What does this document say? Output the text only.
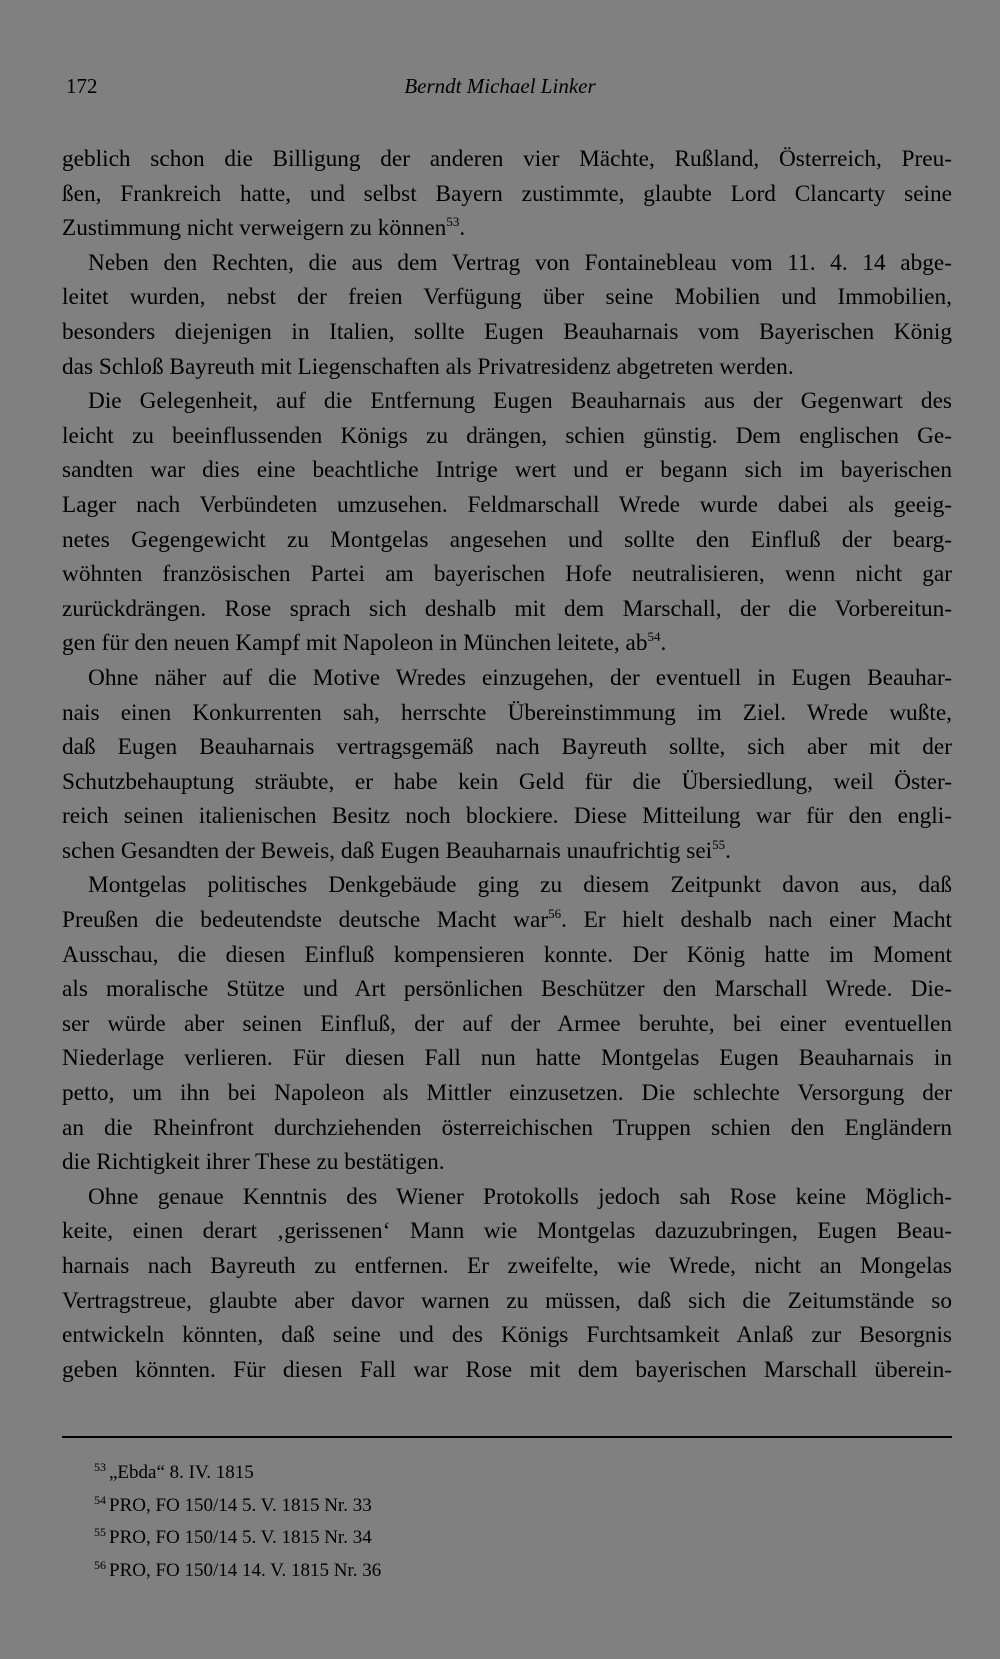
172	Berndt Michael Linker
geblich schon die Billigung der anderen vier Mächte, Rußland, Österreich, Preu-
ßen, Frankreich hatte, und selbst Bayern zustimmte, glaubte Lord Clancarty seine
Zustimmung nicht verweigern zu können$^{53}$.
Neben den Rechten, die aus dem Vertrag von Fontainebleau vom 11. 4. 14 abge-
leitet wurden, nebst der freien Verfügung über seine Mobilien und Immobilien,
besonders diejenigen in Italien, sollte Eugen Beauharnais vom Bayerischen König
das Schloß Bayreuth mit Liegenschaften als Privatresidenz abgetreten werden.
Die Gelegenheit, auf die Entfernung Eugen Beauharnais aus der Gegenwart des
leicht zu beeinflussenden Königs zu drängen, schien günstig. Dem englischen Ge-
sandten war dies eine beachtliche Intrige wert und er begann sich im bayerischen
Lager nach Verbündeten umzusehen. Feldmarschall Wrede wurde dabei als geeig-
netes Gegengewicht zu Montgelas angesehen und sollte den Einfluß der bearg-
wöhnten französischen Partei am bayerischen Hofe neutralisieren, wenn nicht gar
zurückdrängen. Rose sprach sich deshalb mit dem Marschall, der die Vorbereitun-
gen für den neuen Kampf mit Napoleon in München leitete, $ab^{54}$.
Ohne näher auf die Motive Wredes einzugehen, der eventuell in Eugen Beauhar-
nais einen Konkurrenten sah, herrschte Übereinstimmung im Ziel. Wrede wußte,
daß Eugen Beauharnais vertragsgemäß nach Bayreuth sollte, sich aber mit der
Schutzbehauptung sträubte, er habe kein Geld für die Übersiedlung, weil Öster-
reich seinen italienischen Besitz noch blockiere. Diese Mitteilung war für den engli-
schen Gesandten der Beweis, daß Eugen Beauharnais unaufrichtig sei$^{55}$.
Montgelas politisches Denkgebäude ging zu diesem Zeitpunkt davon aus, daß
Preußen die bedeutendste deutsche Macht war$^{56}$. Er hielt deshalb nach einer Macht
Ausschau, die diesen Einfluß kompensieren konnte. Der König hatte im Moment
als moralische Stütze und Art persönlichen Beschützer den Marschall Wrede. Die-
ser würde aber seinen Einfluß, der auf der Armee beruhte, bei einer eventuellen
Niederlage verlieren. Für diesen Fall nun hatte Montgelas Eugen Beauharnais in
petto, um ihn bei Napoleon als Mittler einzusetzen. Die schlechte Versorgung der
an die Rheinfront durchziehenden österreichischen Truppen schien den Engländern
die Richtigkeit ihrer These zu bestätigen.
Ohne genaue Kenntnis des Wiener Protokolls jedoch sah Rose keine Möglich-
keite, einen derart ‚gerissenen‘ Mann wie Montgelas dazuzubringen, Eugen Beau-
harnais nach Bayreuth zu entfernen. Er zweifelte, wie Wrede, nicht an Mongelas
Vertragstreue, glaubte aber davor warnen zu müssen, daß sich die Zeitumstände so
entwickeln könnten, daß seine und des Königs Furchtsamkeit Anlaß zur Besorgnis
geben könnten. Für diesen Fall war Rose mit dem bayerischen Marschall überein-
$^{53}$ „Ebda“ 8. IV. 1815
$^{54}$ PRO, FO 150/14 5. V. 1815 Nr. 33
$^{55}$ PRO, FO 150/14 5. V. 1815 Nr. 34
$^{56}$ PRO, FO 150/14 14. V. 1815 Nr. 36
